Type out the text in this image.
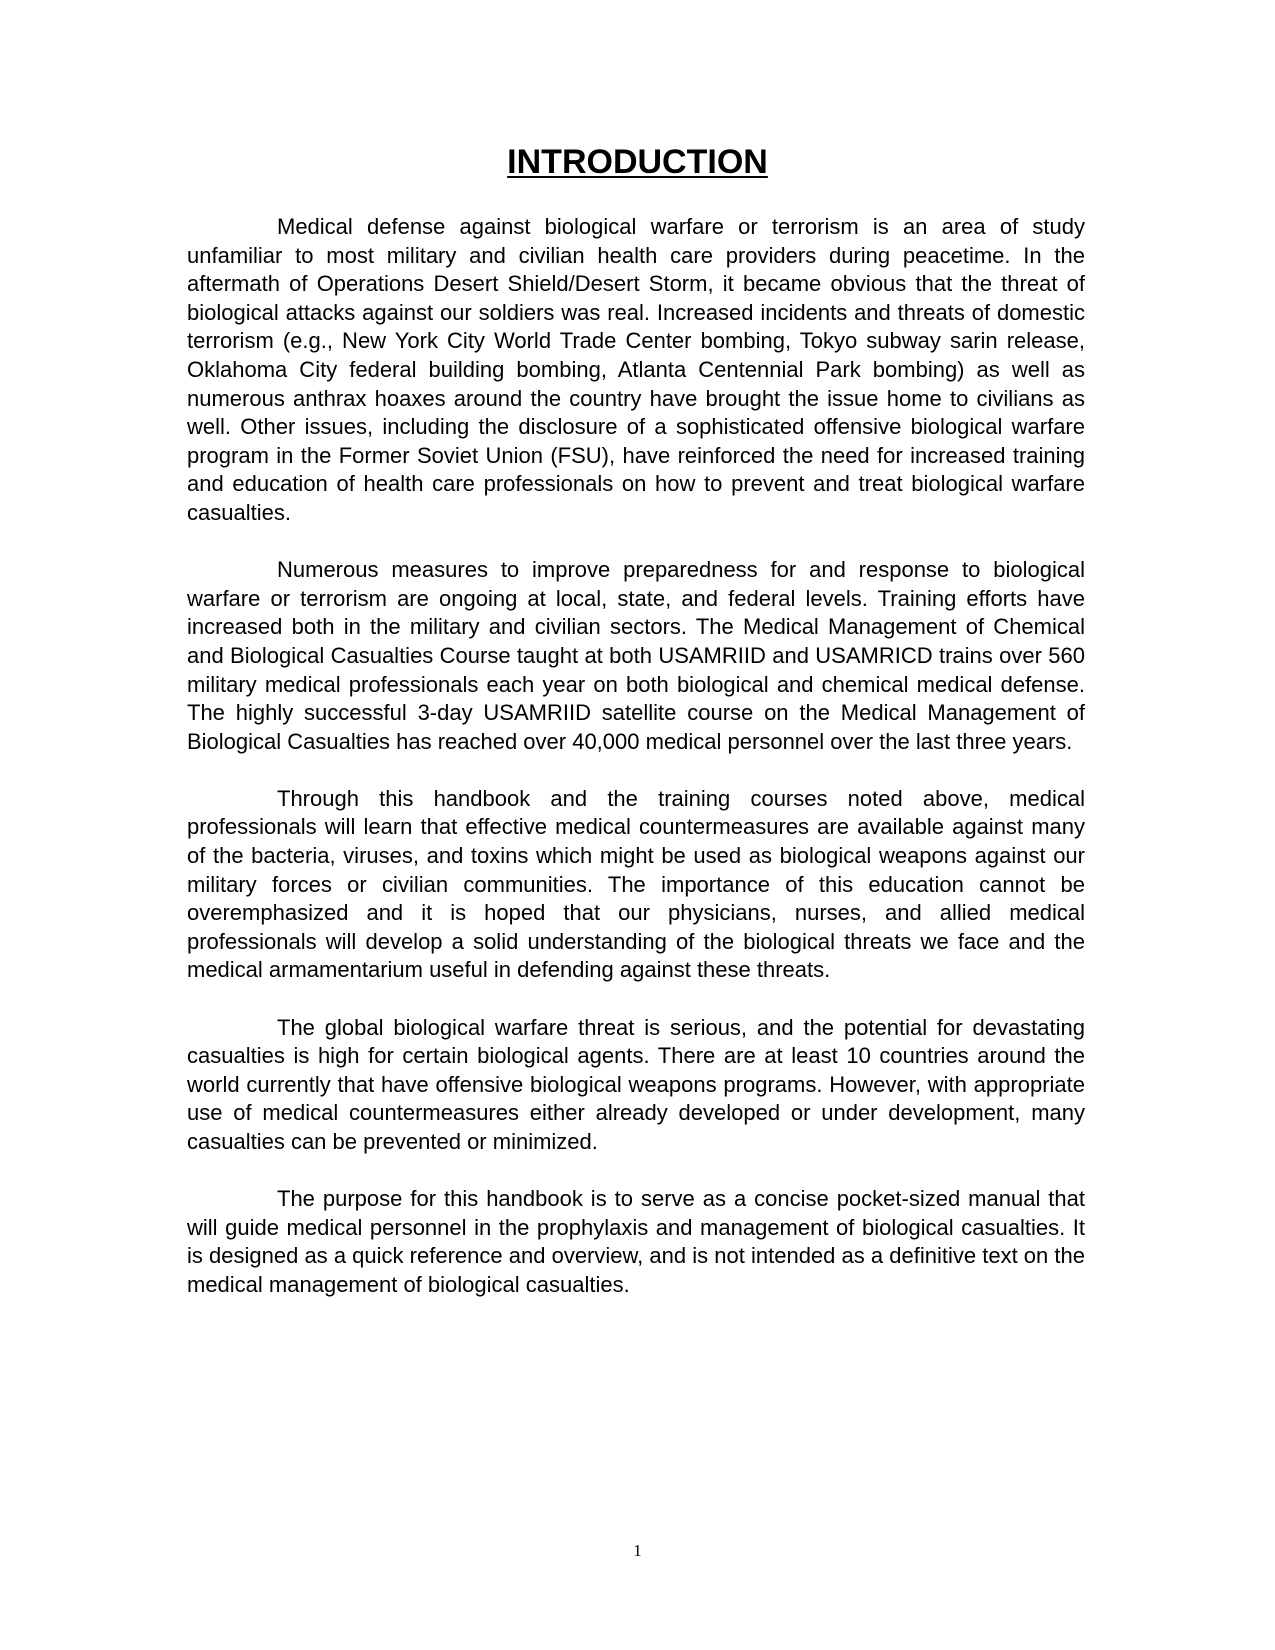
INTRODUCTION

Medical defense against biological warfare or terrorism is an area of study unfamiliar to most military and civilian health care providers during peacetime. In the aftermath of Operations Desert Shield/Desert Storm, it became obvious that the threat of biological attacks against our soldiers was real. Increased incidents and threats of domestic terrorism (e.g., New York City World Trade Center bombing, Tokyo subway sarin release, Oklahoma City federal building bombing, Atlanta Centennial Park bombing) as well as numerous anthrax hoaxes around the country have brought the issue home to civilians as well. Other issues, including the disclosure of a sophisticated offensive biological warfare program in the Former Soviet Union (FSU), have reinforced the need for increased training and education of health care professionals on how to prevent and treat biological warfare casualties.

Numerous measures to improve preparedness for and response to biological warfare or terrorism are ongoing at local, state, and federal levels. Training efforts have increased both in the military and civilian sectors. The Medical Management of Chemical and Biological Casualties Course taught at both USAMRIID and USAMRICD trains over 560 military medical professionals each year on both biological and chemical medical defense. The highly successful 3-day USAMRIID satellite course on the Medical Management of Biological Casualties has reached over 40,000 medical personnel over the last three years.

Through this handbook and the training courses noted above, medical professionals will learn that effective medical countermeasures are available against many of the bacteria, viruses, and toxins which might be used as biological weapons against our military forces or civilian communities. The importance of this education cannot be overemphasized and it is hoped that our physicians, nurses, and allied medical professionals will develop a solid understanding of the biological threats we face and the medical armamentarium useful in defending against these threats.

The global biological warfare threat is serious, and the potential for devastating casualties is high for certain biological agents. There are at least 10 countries around the world currently that have offensive biological weapons programs. However, with appropriate use of medical countermeasures either already developed or under development, many casualties can be prevented or minimized.

The purpose for this handbook is to serve as a concise pocket-sized manual that will guide medical personnel in the prophylaxis and management of biological casualties. It is designed as a quick reference and overview, and is not intended as a definitive text on the medical management of biological casualties.

1
